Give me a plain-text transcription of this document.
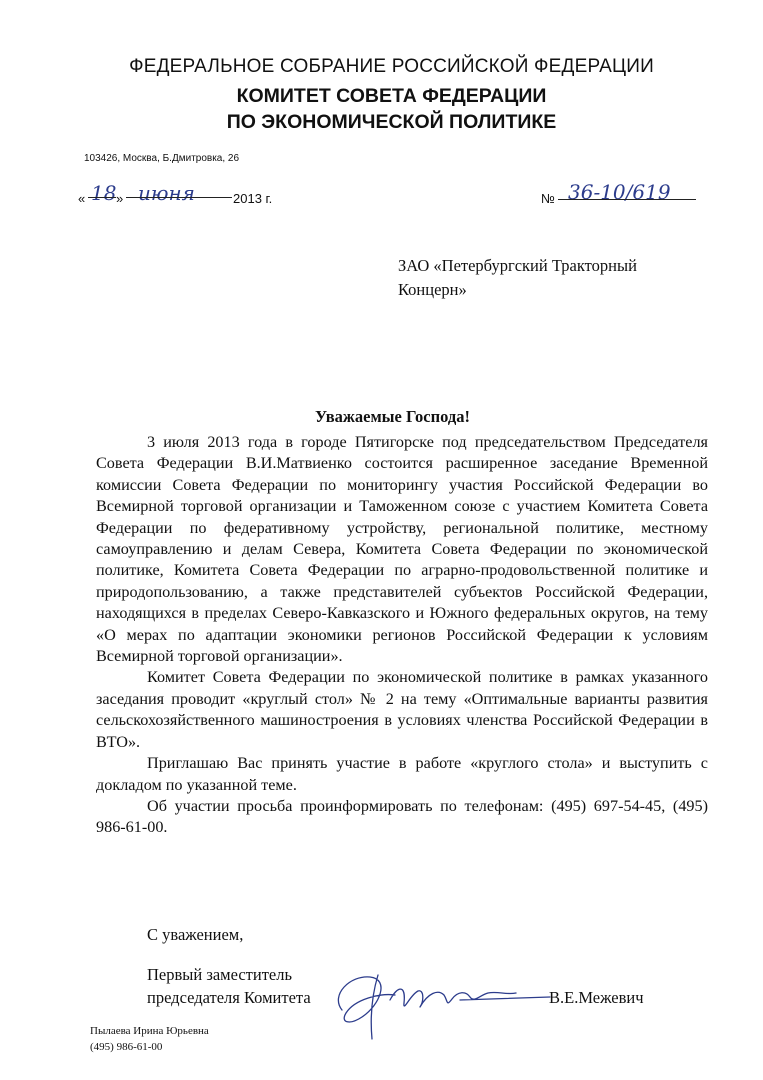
ФЕДЕРАЛЬНОЕ СОБРАНИЕ РОССИЙСКОЙ ФЕДЕРАЦИИ
КОМИТЕТ СОВЕТА ФЕДЕРАЦИИ
ПО ЭКОНОМИЧЕСКОЙ ПОЛИТИКЕ
103426, Москва, Б.Дмитровка, 26
« 18 » июня	2013 г.	№ 36-10/619
ЗАО «Петербургский Тракторный
Концерн»
Уважаемые Господа!

3 июля 2013 года в городе Пятигорске под председательством Председателя Совета Федерации В.И.Матвиенко состоится расширенное заседание Временной комиссии Совета Федерации по мониторингу участия Российской Федерации во Всемирной торговой организации и Таможенном союзе с участием Комитета Совета Федерации по федеративному устройству, региональной политике, местному самоуправлению и делам Севера, Комитета Совета Федерации по экономической политике, Комитета Совета Федерации по аграрно-продовольственной политике и природопользованию, а также представителей субъектов Российской Федерации, находящихся в пределах Северо-Кавказского и Южного федеральных округов, на тему «О мерах по адаптации экономики регионов Российской Федерации к условиям Всемирной торговой организации».

Комитет Совета Федерации по экономической политике в рамках указанного заседания проводит «круглый стол» № 2 на тему «Оптимальные варианты развития сельскохозяйственного машиностроения в условиях членства Российской Федерации в ВТО».

Приглашаю Вас принять участие в работе «круглого стола» и выступить с докладом по указанной теме.

Об участии просьба проинформировать по телефонам: (495) 697-54-45, (495) 986-61-00.

С уважением,
Первый заместитель
председателя Комитета	В.Е.Межевич
Пылаева Ирина Юрьевна
(495) 986-61-00
